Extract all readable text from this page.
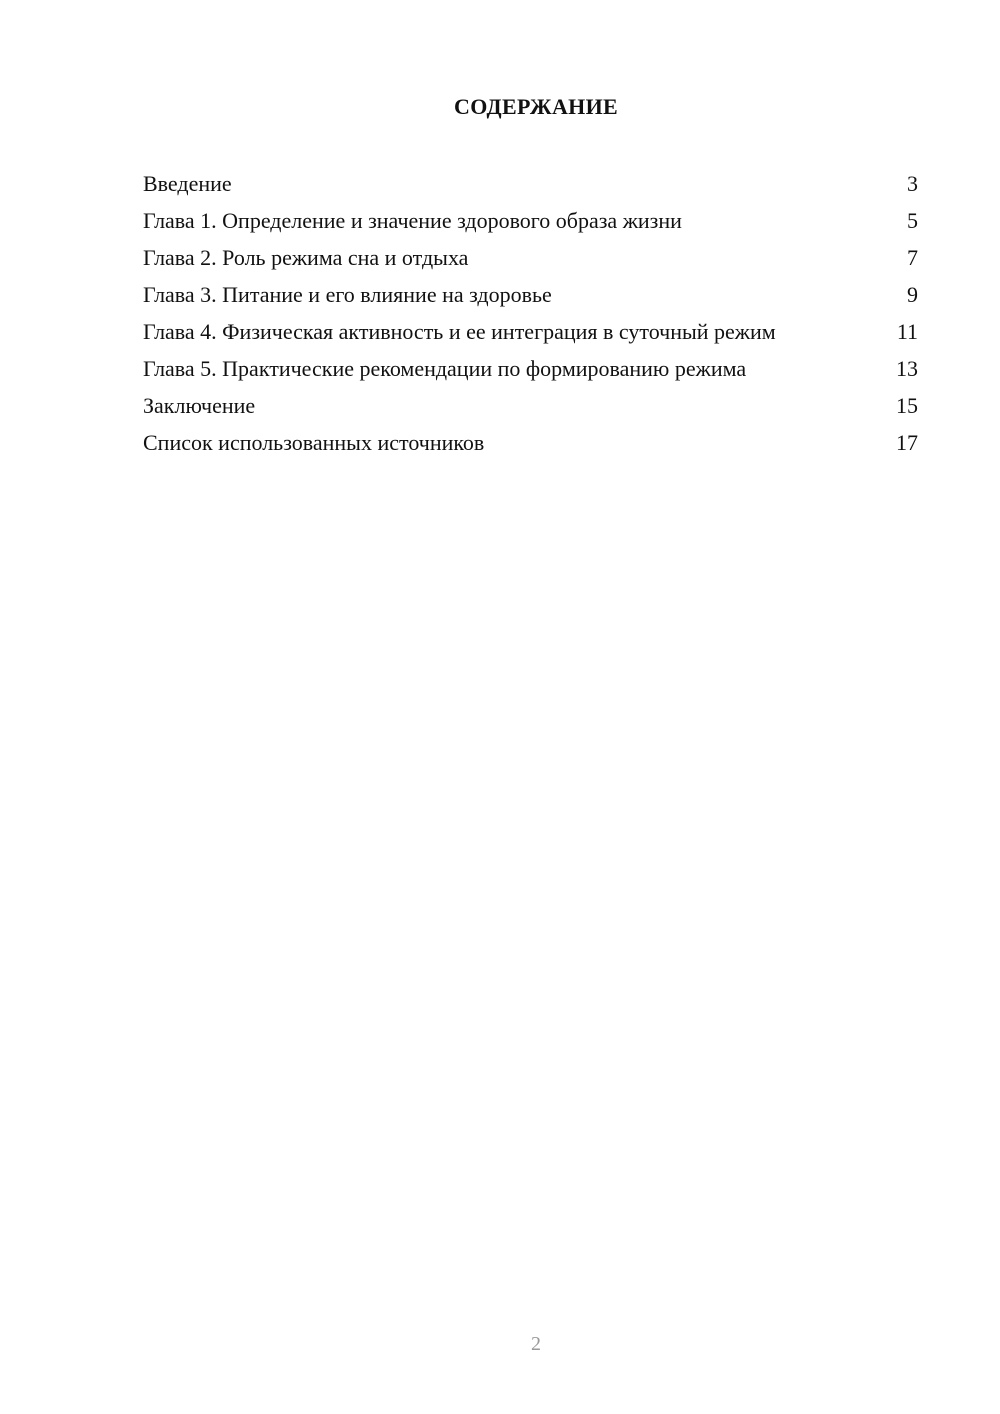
СОДЕРЖАНИЕ
Введение	3
Глава 1. Определение и значение здорового образа жизни	5
Глава 2. Роль режима сна и отдыха	7
Глава 3. Питание и его влияние на здоровье	9
Глава 4. Физическая активность и ее интеграция в суточный режим	11
Глава 5. Практические рекомендации по формированию режима	13
Заключение	15
Список использованных источников	17
2
